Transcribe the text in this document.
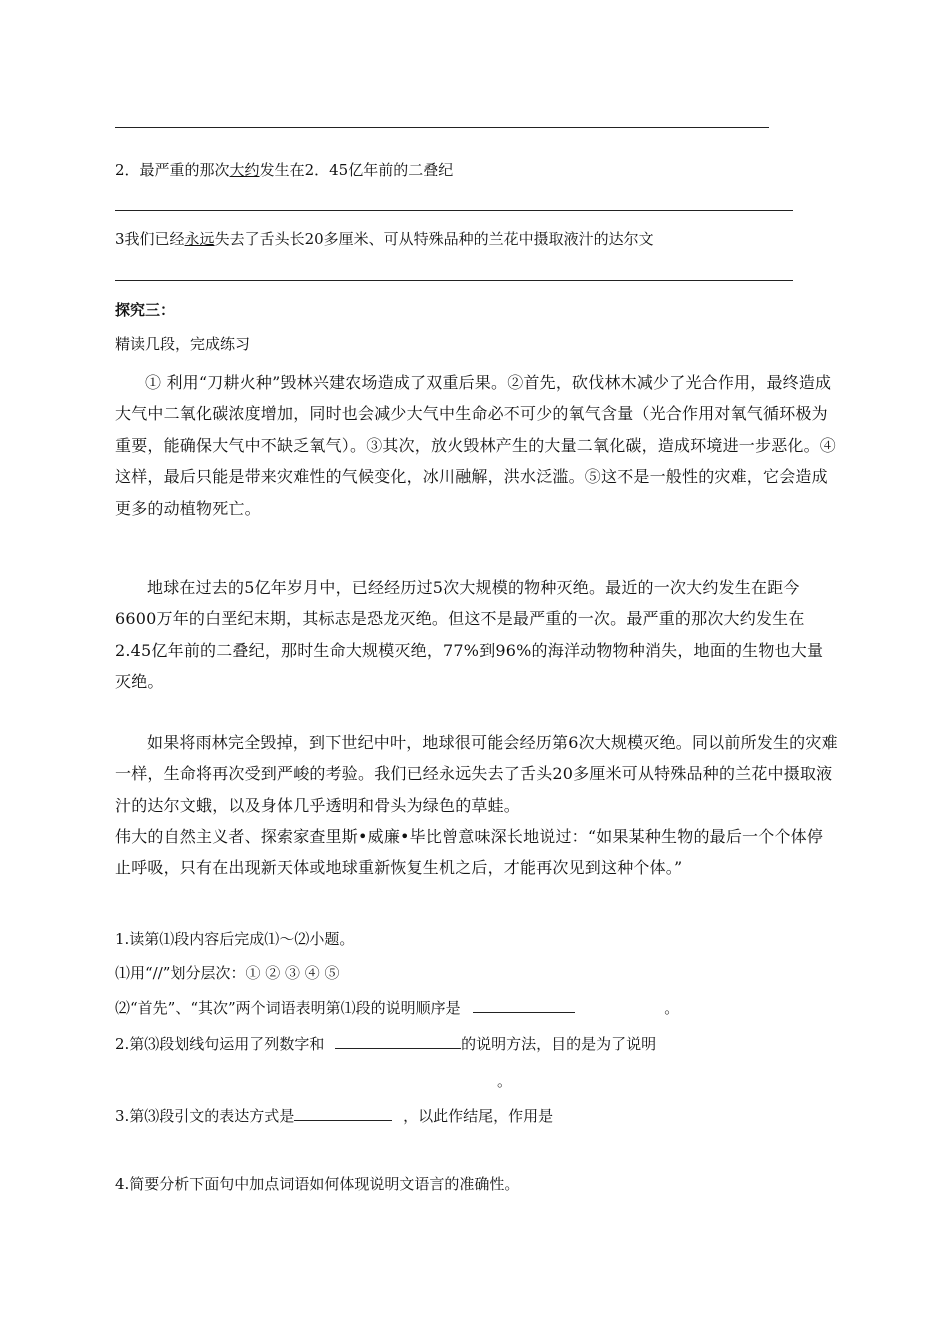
2．最严重的那次大约发生在2．45亿年前的二叠纪
3我们已经永远失去了舌头长20多厘米、可从特殊品种的兰花中摄取液汁的达尔文
探究三：
精读几段，完成练习
① 利用“刀耕火种”毁林兴建农场造成了双重后果。②首先，砍伐林木减少了光合作用，最终造成大气中二氧化碳浓度增加，同时也会减少大气中生命必不可少的氧气含量（光合作用对氧气循环极为重要，能确保大气中不缺乏氧气）。③其次，放火毁林产生的大量二氧化碳，造成环境进一步恶化。④这样，最后只能是带来灾难性的气候变化，冰川融解，洪水泛滥。⑤这不是一般性的灾难，它会造成更多的动植物死亡。
地球在过去的5亿年岁月中，已经经历过5次大规模的物种灭绝。最近的一次大约发生在距今6600万年的白垩纪末期，其标志是恐龙灭绝。但这不是最严重的一次。最严重的那次大约发生在2.45亿年前的二叠纪，那时生命大规模灭绝，77%到96%的海洋动物物种消失，地面的生物也大量灭绝。
如果将雨林完全毁掉，到下世纪中叶，地球很可能会经历第6次大规模灭绝。同以前所发生的灾难一样，生命将再次受到严峻的考验。我们已经永远失去了舌头20多厘米可从特殊品种的兰花中摄取液汁的达尔文蛾，以及身体几乎透明和骨头为绿色的草蛙。
伟大的自然主义者、探索家查里斯•威廉•毕比曾意味深长地说过：“如果某种生物的最后一个个体停止呼吸，只有在出现新天体或地球重新恢复生机之后，才能再次见到这种个体。”
1.读第⑴段内容后完成⑴～⑵小题。
⑴用“//”划分层次：① ② ③ ④ ⑤
⑵“首先”、“其次”两个词语表明第⑴段的说明顺序是	。
2.第⑶段划线句运用了列数字和	的说明方法，目的是为了说明
。
3.第⑶段引文的表达方式是	，以此作结尾，作用是
4.简要分析下面句中加点词语如何体现说明文语言的准确性。
